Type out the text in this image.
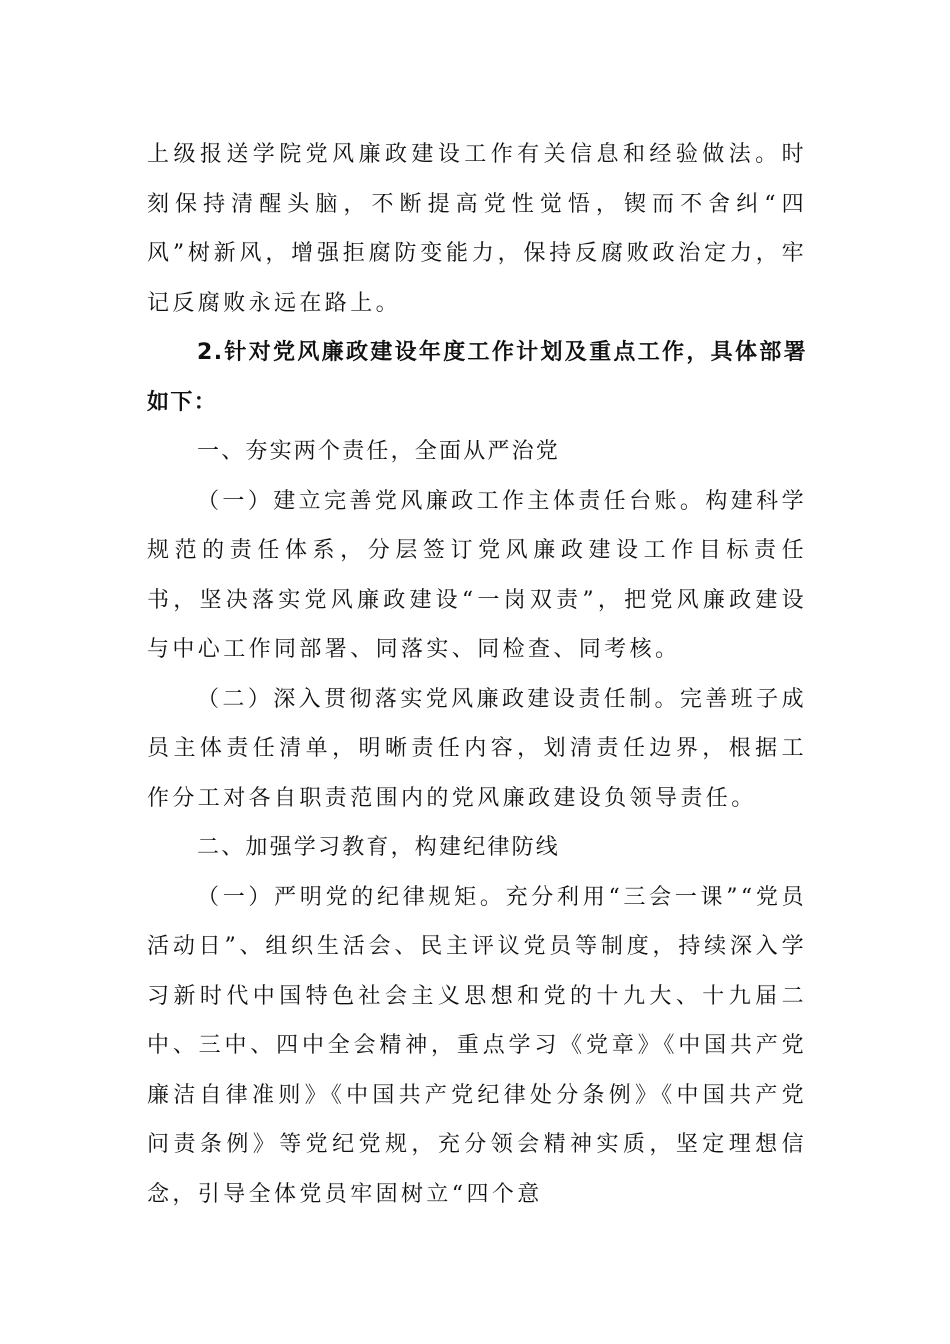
上级报送学院党风廉政建设工作有关信息和经验做法。时刻保持清醒头脑，不断提高党性觉悟，锲而不舍纠“四风”树新风，增强拒腐防变能力，保持反腐败政治定力，牢记反腐败永远在路上。

2.针对党风廉政建设年度工作计划及重点工作，具体部署如下：

一、夯实两个责任，全面从严治党

（一）建立完善党风廉政工作主体责任台账。构建科学规范的责任体系，分层签订党风廉政建设工作目标责任书，坚决落实党风廉政建设“一岗双责”，把党风廉政建设与中心工作同部署、同落实、同检查、同考核。

（二）深入贯彻落实党风廉政建设责任制。完善班子成员主体责任清单，明晰责任内容，划清责任边界，根据工作分工对各自职责范围内的党风廉政建设负领导责任。

二、加强学习教育，构建纪律防线

（一）严明党的纪律规矩。充分利用“三会一课”“党员活动日”、组织生活会、民主评议党员等制度，持续深入学习新时代中国特色社会主义思想和党的十九大、十九届二中、三中、四中全会精神，重点学习《党章》《中国共产党廉洁自律准则》《中国共产党纪律处分条例》《中国共产党问责条例》等党纪党规，充分领会精神实质，坚定理想信念，引导全体党员牢固树立“四个意
